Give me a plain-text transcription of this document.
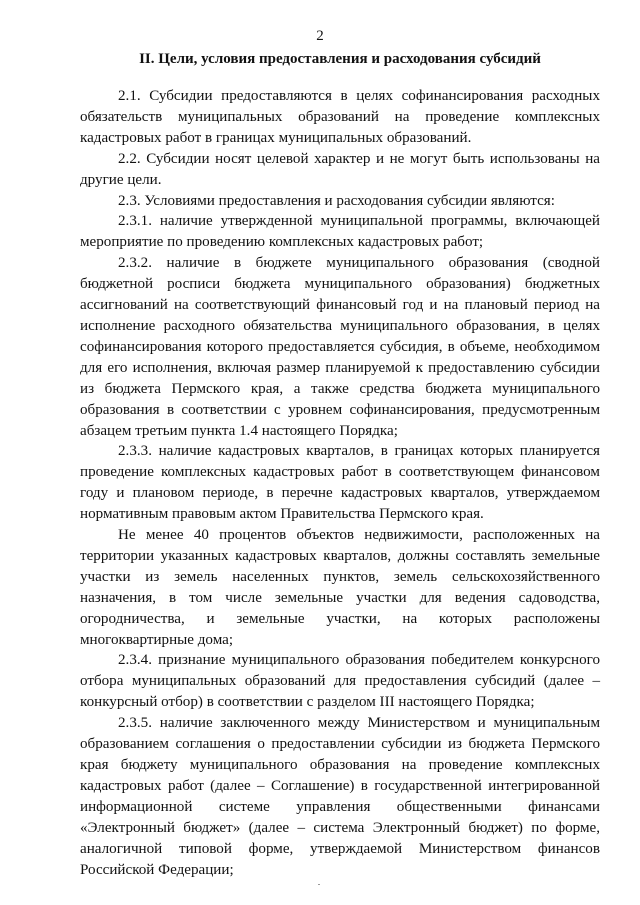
2
II. Цели, условия предоставления и расходования субсидий

2.1. Субсидии предоставляются в целях софинансирования расходных обязательств муниципальных образований на проведение комплексных кадастровых работ в границах муниципальных образований.

2.2. Субсидии носят целевой характер и не могут быть использованы на другие цели.

2.3. Условиями предоставления и расходования субсидии являются:

2.3.1. наличие утвержденной муниципальной программы, включающей мероприятие по проведению комплексных кадастровых работ;

2.3.2. наличие в бюджете муниципального образования (сводной бюджетной росписи бюджета муниципального образования) бюджетных ассигнований на соответствующий финансовый год и на плановый период на исполнение расходного обязательства муниципального образования, в целях софинансирования которого предоставляется субсидия, в объеме, необходимом для его исполнения, включая размер планируемой к предоставлению субсидии из бюджета Пермского края, а также средства бюджета муниципального образования в соответствии с уровнем софинансирования, предусмотренным абзацем третьим пункта 1.4 настоящего Порядка;

2.3.3. наличие кадастровых кварталов, в границах которых планируется проведение комплексных кадастровых работ в соответствующем финансовом году и плановом периоде, в перечне кадастровых кварталов, утверждаемом нормативным правовым актом Правительства Пермского края.

Не менее 40 процентов объектов недвижимости, расположенных на территории указанных кадастровых кварталов, должны составлять земельные участки из земель населенных пунктов, земель сельскохозяйственного назначения, в том числе земельные участки для ведения садоводства, огородничества, и земельные участки, на которых расположены многоквартирные дома;

2.3.4. признание муниципального образования победителем конкурсного отбора муниципальных образований для предоставления субсидий (далее – конкурсный отбор) в соответствии с разделом III настоящего Порядка;

2.3.5. наличие заключенного между Министерством и муниципальным образованием соглашения о предоставлении субсидии из бюджета Пермского края бюджету муниципального образования на проведение комплексных кадастровых работ (далее – Соглашение) в государственной интегрированной информационной системе управления общественными финансами «Электронный бюджет» (далее – система Электронный бюджет) по форме, аналогичной типовой форме, утверждаемой Министерством финансов Российской Федерации;
